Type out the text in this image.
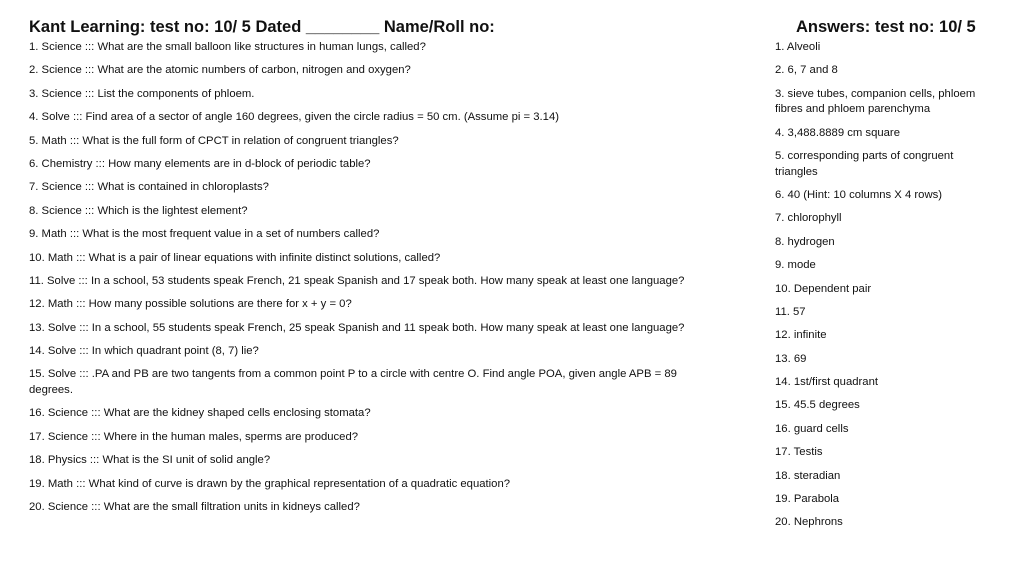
Kant Learning: test no: 10/ 5 Dated ________ Name/Roll no:
1. Science ::: What are the small balloon like structures in human lungs, called?
2. Science ::: What are the atomic numbers of carbon, nitrogen and oxygen?
3. Science ::: List the components of phloem.
4. Solve ::: Find area of a sector of angle 160 degrees, given the circle radius = 50 cm. (Assume pi = 3.14)
5. Math ::: What is the full form of CPCT in relation of congruent triangles?
6. Chemistry ::: How many elements are in d-block of periodic table?
7. Science ::: What is contained in chloroplasts?
8. Science ::: Which is the lightest element?
9. Math ::: What is the most frequent value in a set of numbers called?
10. Math ::: What is a pair of linear equations with infinite distinct solutions, called?
11. Solve ::: In a school, 53 students speak French, 21 speak Spanish and 17 speak both. How many speak at least one language?
12. Math ::: How many possible solutions are there for x + y = 0?
13. Solve ::: In a school, 55 students speak French, 25 speak Spanish and 11 speak both. How many speak at least one language?
14. Solve ::: In which quadrant point (8, 7) lie?
15. Solve ::: .PA and PB are two tangents from a common point P to a circle with centre O. Find angle POA, given angle APB = 89 degrees.
16. Science ::: What are the kidney shaped cells enclosing stomata?
17. Science ::: Where in the human males, sperms are produced?
18. Physics ::: What is the SI unit of solid angle?
19. Math ::: What kind of curve is drawn by the graphical representation of a quadratic equation?
20. Science ::: What are the small filtration units in kidneys called?
Answers: test no: 10/ 5
1. Alveoli
2. 6, 7 and 8
3. sieve tubes, companion cells, phloem fibres and phloem parenchyma
4. 3,488.8889 cm square
5. corresponding parts of congruent triangles
6. 40 (Hint: 10 columns X 4 rows)
7. chlorophyll
8. hydrogen
9. mode
10. Dependent pair
11. 57
12. infinite
13. 69
14. 1st/first quadrant
15. 45.5 degrees
16. guard cells
17. Testis
18. steradian
19. Parabola
20. Nephrons
